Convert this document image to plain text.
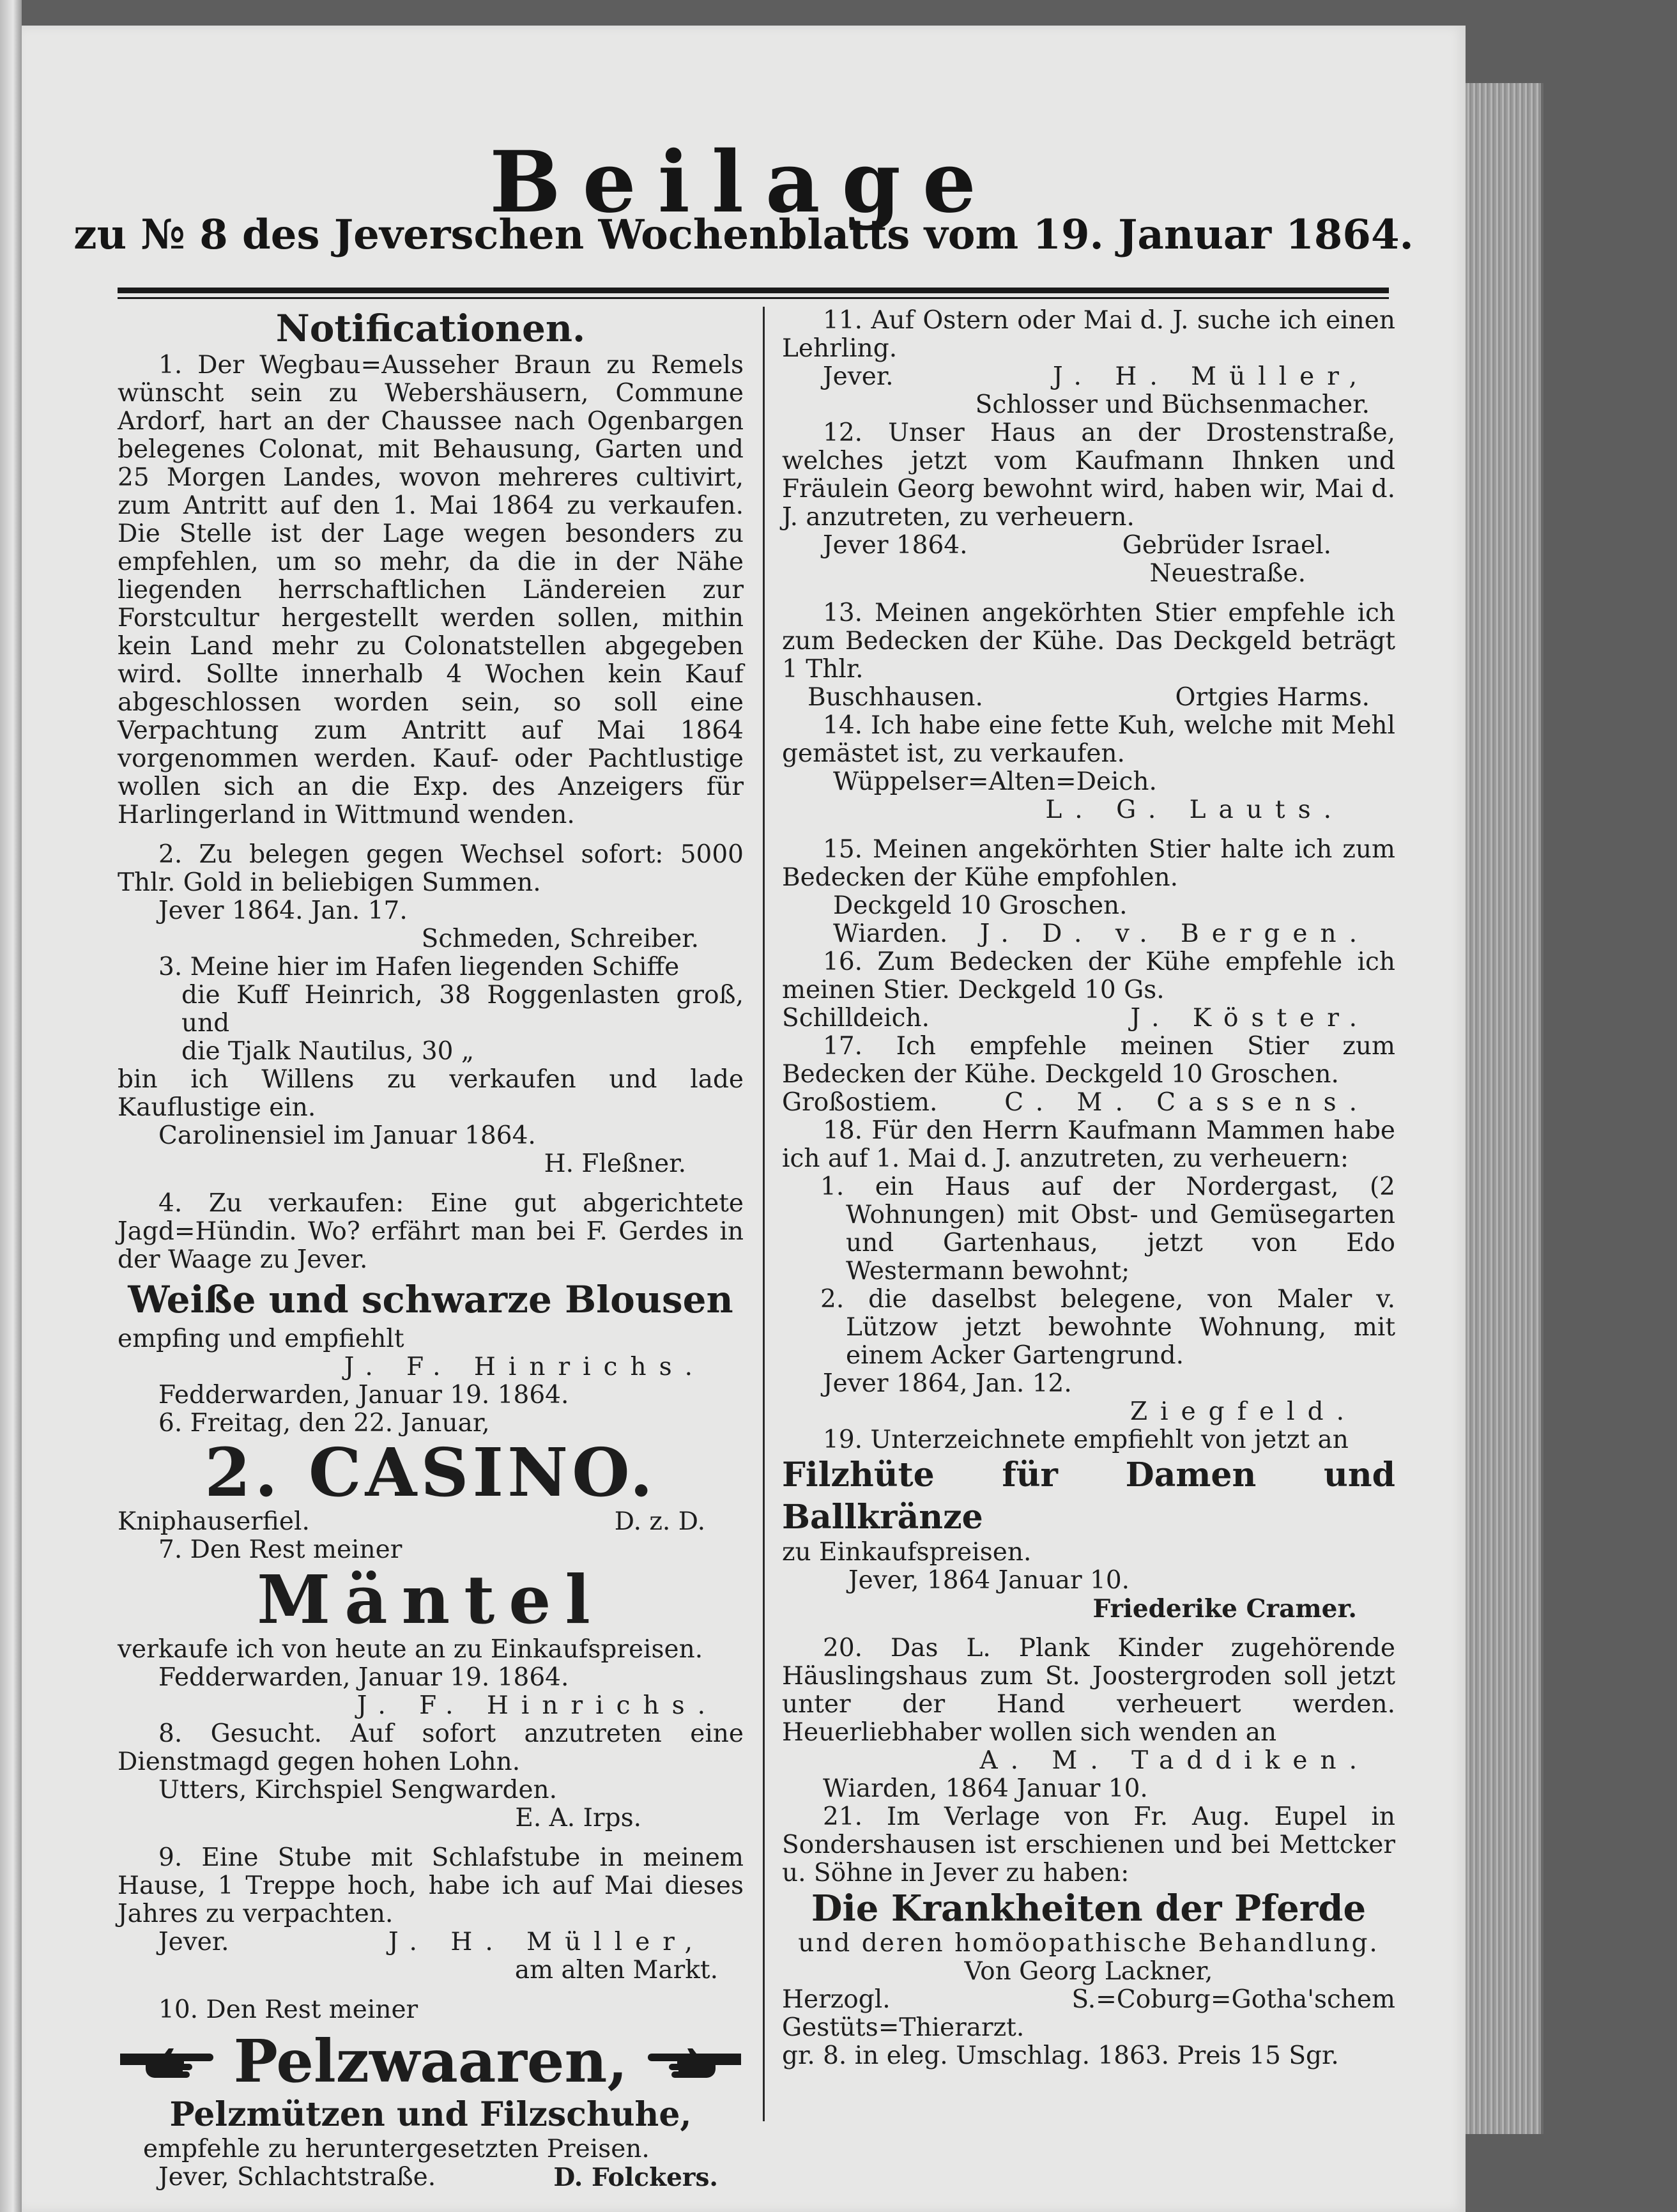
Beilage
zu № 8 des Jeverschen Wochenblatts vom 19. Januar 1864.

Notificationen.

1. Der Wegbau=Ausseher Braun zu Remels wünscht sein zu Webershäusern, Commune Ardorf, hart an der Chaussee nach Ogenbargen belegenes Colonat, mit Behausung, Garten und 25 Morgen Landes, wovon mehreres cultivirt, zum Antritt auf den 1. Mai 1864 zu verkaufen. Die Stelle ist der Lage wegen besonders zu empfehlen, um so mehr, da die in der Nähe liegenden herrschaftlichen Ländereien zur Forstcultur hergestellt werden sollen, mithin kein Land mehr zu Colonatstellen abgegeben wird. Sollte innerhalb 4 Wochen kein Kauf abgeschlossen worden sein, so soll eine Verpachtung zum Antritt auf Mai 1864 vorgenommen werden. Kauf- oder Pachtlustige wollen sich an die Exp. des Anzeigers für Harlingerland in Wittmund wenden.

2. Zu belegen gegen Wechsel sofort: 5000 Thlr. Gold in beliebigen Summen.

Jever 1864. Jan. 17.

Schmeden, Schreiber.

3. Meine hier im Hafen liegenden Schiffe

die Kuff Heinrich, 38 Roggenlasten groß, und

die Tjalk Nautilus, 30 „

bin ich Willens zu verkaufen und lade Kauflustige ein.

Carolinensiel im Januar 1864.

H. Fleßner.

4. Zu verkaufen: Eine gut abgerichtete Jagd=Hündin. Wo? erfährt man bei F. Gerdes in der Waage zu Jever.

Weiße und schwarze Blousen

empfing und empfiehlt

J. F. Hinrichs.

Fedderwarden, Januar 19. 1864.

6. Freitag, den 22. Januar,

2. CASINO.

Kniphauserfiel.	D. z. D.

7. Den Rest meiner

Mäntel

verkaufe ich von heute an zu Einkaufspreisen.

Fedderwarden, Januar 19. 1864.

J. F. Hinrichs.

8. Gesucht. Auf sofort anzutreten eine Dienstmagd gegen hohen Lohn.

Utters, Kirchspiel Sengwarden.

E. A. Irps.

9. Eine Stube mit Schlafstube in meinem Hause, 1 Treppe hoch, habe ich auf Mai dieses Jahres zu verpachten.

Jever.	J. H. Müller,

am alten Markt.

10. Den Rest meiner

Pelzwaaren,

Pelzmützen und Filzschuhe,

empfehle zu heruntergesetzten Preisen.

Jever, Schlachtstraße.	D. Folckers.

11. Auf Ostern oder Mai d. J. suche ich einen Lehrling.

Jever.	J. H. Müller,

Schlosser und Büchsenmacher.

12. Unser Haus an der Drostenstraße, welches jetzt vom Kaufmann Ihnken und Fräulein Georg bewohnt wird, haben wir, Mai d. J. anzutreten, zu verheuern.

Jever 1864.	Gebrüder Israel.

Neuestraße.

13. Meinen angekörhten Stier empfehle ich zum Bedecken der Kühe. Das Deckgeld beträgt 1 Thlr.

Buschhausen.	Ortgies Harms.

14. Ich habe eine fette Kuh, welche mit Mehl gemästet ist, zu verkaufen.

Wüppelser=Alten=Deich.

L. G. Lauts.

15. Meinen angekörhten Stier halte ich zum Bedecken der Kühe empfohlen.

Deckgeld 10 Groschen.

Wiarden. J. D. v. Bergen.

16. Zum Bedecken der Kühe empfehle ich meinen Stier. Deckgeld 10 Gs.

Schilldeich.	J. Köster.

17. Ich empfehle meinen Stier zum Bedecken der Kühe. Deckgeld 10 Groschen.

Großostiem.	C. M. Cassens.

18. Für den Herrn Kaufmann Mammen habe ich auf 1. Mai d. J. anzutreten, zu verheuern:

1. ein Haus auf der Nordergast, (2 Wohnungen) mit Obst- und Gemüsegarten und Gartenhaus, jetzt von Edo Westermann bewohnt;

2. die daselbst belegene, von Maler v. Lützow jetzt bewohnte Wohnung, mit einem Acker Gartengrund.

Jever 1864, Jan. 12.

Ziegfeld.

19. Unterzeichnete empfiehlt von jetzt an

Filzhüte für Damen und Ballkränze

zu Einkaufspreisen.

Jever, 1864 Januar 10.

Friederike Cramer.

20. Das L. Plank Kinder zugehörende Häuslingshaus zum St. Joostergroden soll jetzt unter der Hand verheuert werden. Heuerliebhaber wollen sich wenden an

A. M. Taddiken.

Wiarden, 1864 Januar 10.

21. Im Verlage von Fr. Aug. Eupel in Sondershausen ist erschienen und bei Mettcker u. Söhne in Jever zu haben:

Die Krankheiten der Pferde

und deren homöopathische Behandlung.

Von Georg Lackner,

Herzogl. S.=Coburg=Gotha'schem Gestüts=Thierarzt.

gr. 8. in eleg. Umschlag. 1863. Preis 15 Sgr.
